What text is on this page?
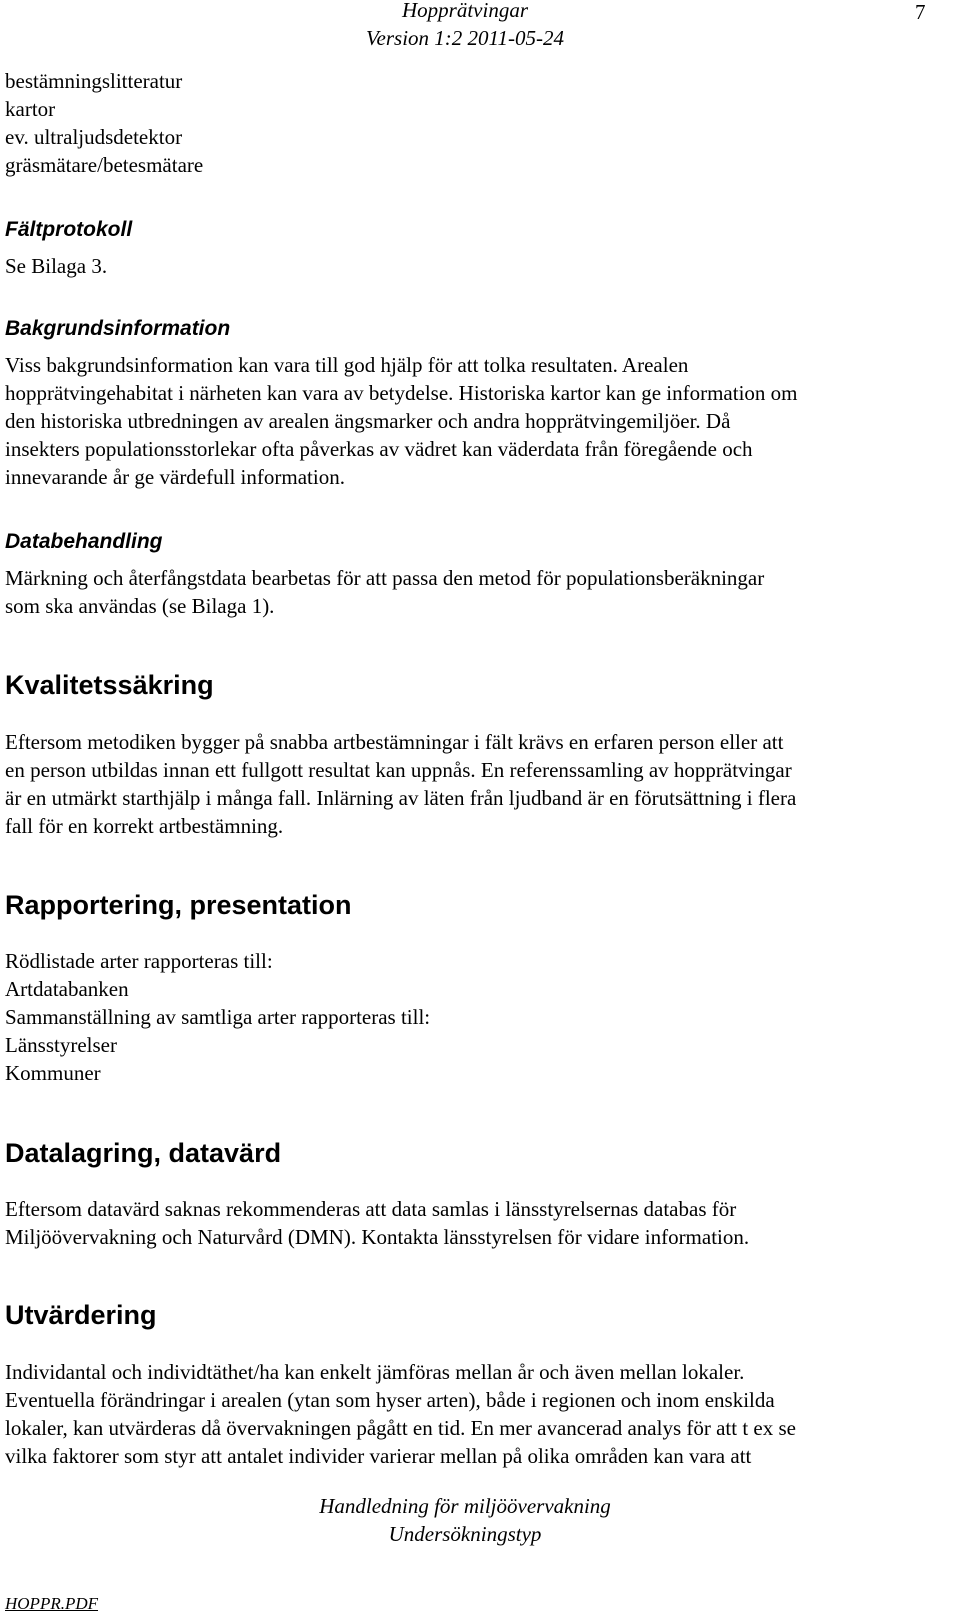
Hopprätvingar
Version 1:2 2011-05-24
7
bestämningslitteratur
kartor
ev. ultraljudsdetektor
gräsmätare/betesmätare
Fältprotokoll
Se Bilaga 3.
Bakgrundsinformation
Viss bakgrundsinformation kan vara till god hjälp för att tolka resultaten. Arealen
hopprätvingehabitat i närheten kan vara av betydelse. Historiska kartor kan ge information om
den historiska utbredningen av arealen ängsmarker och andra hopprätvingemiljöer. Då
insekters populationsstorlekar ofta påverkas av vädret kan väderdata från föregående och
innevarande år ge värdefull information.
Databehandling
Märkning och återfångstdata bearbetas för att passa den metod för populationsberäkningar
som ska användas (se Bilaga 1).
Kvalitetssäkring
Eftersom metodiken bygger på snabba artbestämningar i fält krävs en erfaren person eller att
en person utbildas innan ett fullgott resultat kan uppnås. En referenssamling av hopprätvingar
är en utmärkt starthjälp i många fall. Inlärning av läten från ljudband är en förutsättning i flera
fall för en korrekt artbestämning.
Rapportering, presentation
Rödlistade arter rapporteras till:
Artdatabanken
Sammanställning av samtliga arter rapporteras till:
Länsstyrelser
Kommuner
Datalagring, datavärd
Eftersom datavärd saknas rekommenderas att data samlas i länsstyrelsernas databas för
Miljöövervakning och Naturvård (DMN). Kontakta länsstyrelsen för vidare information.
Utvärdering
Individantal och individtäthet/ha kan enkelt jämföras mellan år och även mellan lokaler.
Eventuella förändringar i arealen (ytan som hyser arten), både i regionen och inom enskilda
lokaler, kan utvärderas då övervakningen pågått en tid. En mer avancerad analys för att t ex se
vilka faktorer som styr att antalet individer varierar mellan på olika områden kan vara att
Handledning för miljöövervakning
Undersökningstyp
HOPPR.PDF
